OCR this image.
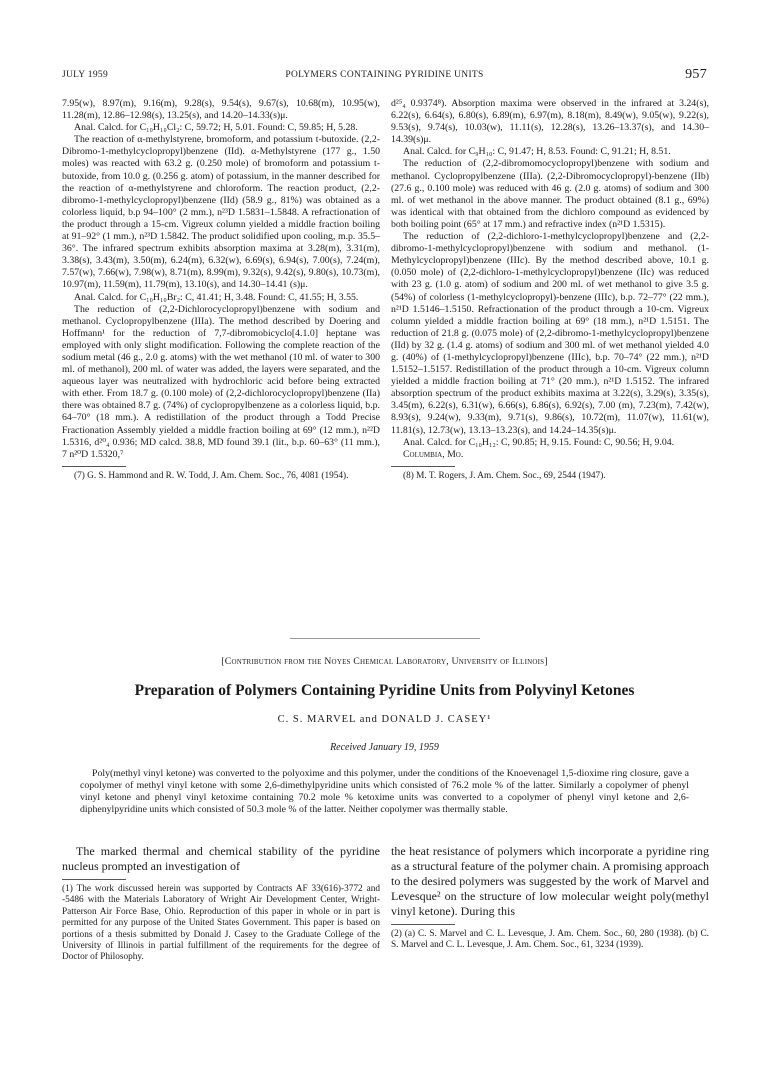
JULY 1959	POLYMERS CONTAINING PYRIDINE UNITS	957

7.95(w), 8.97(m), 9.16(m), 9.28(s), 9.54(s), 9.67(s), 10.68(m), 10.95(w), 11.28(m), 12.86–12.98(s), 13.25(s), and 14.20–14.33(s)μ.

Anal. Calcd. for C₁₀H₁₀Cl₂: C, 59.72; H, 5.01. Found: C, 59.85; H, 5.28.

The reaction of α-methylstyrene, bromoform, and potassium t-butoxide. (2,2-Dibromo-1-methylcyclopropyl)benzene (IId). α-Methylstyrene (177 g., 1.50 moles) was reacted with 63.2 g. (0.250 mole) of bromoform and potassium t-butoxide, from 10.0 g. (0.256 g. atom) of potassium, in the manner described for the reaction of α-methylstyrene and chloroform. The reaction product, (2,2-dibromo-1-methylcyclopropyl)benzene (IId) (58.9 g., 81%) was obtained as a colorless liquid, b.p 94–100° (2 mm.), n²³D 1.5831–1.5848. A refractionation of the product through a 15-cm. Vigreux column yielded a middle fraction boiling at 91–92° (1 mm.), n²³D 1.5842. The product solidified upon cooling, m.p. 35.5–36°. The infrared spectrum exhibits absorption maxima at 3.28(m), 3.31(m), 3.38(s), 3.43(m), 3.50(m), 6.24(m), 6.32(w), 6.69(s), 6.94(s), 7.00(s), 7.24(m), 7.57(w), 7.66(w), 7.98(w), 8.71(m), 8.99(m), 9.32(s), 9.42(s), 9.80(s), 10.73(m), 10.97(m), 11.59(m), 11.79(m), 13.10(s), and 14.30–14.41 (s)μ.

Anal. Calcd. for C₁₀H₁₀Br₂: C, 41.41; H, 3.48. Found: C, 41.55; H, 3.55.

The reduction of (2,2-Dichlorocyclopropyl)benzene with sodium and methanol. Cyclopropylbenzene (IIIa). The method described by Doering and Hoffmann¹ for the reduction of 7,7-dibromobicyclo[4.1.0] heptane was employed with only slight modification. Following the complete reaction of the sodium metal (46 g., 2.0 g. atoms) with the wet methanol (10 ml. of water to 300 ml. of methanol), 200 ml. of water was added, the layers were separated, and the aqueous layer was neutralized with hydrochloric acid before being extracted with ether. From 18.7 g. (0.100 mole) of (2,2-dichlorocyclopropyl)benzene (IIa) there was obtained 8.7 g. (74%) of cyclopropylbenzene as a colorless liquid, b.p. 64–70° (18 mm.). A redistillation of the product through a Todd Precise Fractionation Assembly yielded a middle fraction boiling at 69° (12 mm.), n²²D 1.5316, d²⁰₄ 0.936; MD calcd. 38.8, MD found 39.1 (lit., b.p. 60–63° (11 mm.), 7 n²⁰D 1.5320,⁷

(7) G. S. Hammond and R. W. Todd, J. Am. Chem. Soc., 76, 4081 (1954).

d²⁵₄ 0.9374⁸). Absorption maxima were observed in the infrared at 3.24(s), 6.22(s), 6.64(s), 6.80(s), 6.89(m), 6.97(m), 8.18(m), 8.49(w), 9.05(w), 9.22(s), 9.53(s), 9.74(s), 10.03(w), 11.11(s), 12.28(s), 13.26–13.37(s), and 14.30–14.39(s)μ.

Anal. Calcd. for C₉H₁₀: C, 91.47; H, 8.53. Found: C, 91.21; H, 8.51.

The reduction of (2,2-dibromomocyclopropyl)benzene with sodium and methanol. Cyclopropylbenzene (IIIa). (2,2-Dibromocyclopropyl)-benzene (IIb) (27.6 g., 0.100 mole) was reduced with 46 g. (2.0 g. atoms) of sodium and 300 ml. of wet methanol in the above manner. The product obtained (8.1 g., 69%) was identical with that obtained from the dichloro compound as evidenced by both boiling point (65° at 17 mm.) and refractive index (n²¹D 1.5315).

The reduction of (2,2-dichloro-1-methylcyclopropyl)benzene and (2,2-dibromo-1-methylcyclopropyl)benzene with sodium and methanol. (1-Methylcyclopropyl)benzene (IIIc). By the method described above, 10.1 g. (0.050 mole) of (2,2-dichloro-1-methylcyclopropyl)benzene (IIc) was reduced with 23 g. (1.0 g. atom) of sodium and 200 ml. of wet methanol to give 3.5 g. (54%) of colorless (1-methylcyclopropyl)-benzene (IIIc), b.p. 72–77° (22 mm.), n²¹D 1.5146–1.5150. Refractionation of the product through a 10-cm. Vigreux column yielded a middle fraction boiling at 69° (18 mm.), n²¹D 1.5151. The reduction of 21.8 g. (0.075 mole) of (2,2-dibromo-1-methylcyclopropyl)benzene (IId) by 32 g. (1.4 g. atoms) of sodium and 300 ml. of wet methanol yielded 4.0 g. (40%) of (1-methylcyclopropyl)benzene (IIIc), b.p. 70–74° (22 mm.), n²¹D 1.5152–1.5157. Redistillation of the product through a 10-cm. Vigreux column yielded a middle fraction boiling at 71° (20 mm.), n²¹D 1.5152. The infrared absorption spectrum of the product exhibits maxima at 3.22(s), 3.29(s), 3.35(s), 3.45(m), 6.22(s), 6.31(w), 6.66(s), 6.86(s), 6.92(s), 7.00 (m), 7.23(m), 7.42(w), 8.93(s), 9.24(w), 9.33(m), 9.71(s), 9.86(s), 10.72(m), 11.07(w), 11.61(w), 11.81(s), 12.73(w), 13.13–13.23(s), and 14.24–14.35(s)μ.

Anal. Calcd. for C₁₀H₁₂: C, 90.85; H, 9.15. Found: C, 90.56; H, 9.04.

Columbia, Mo.

(8) M. T. Rogers, J. Am. Chem. Soc., 69, 2544 (1947).

[Contribution from the Noyes Chemical Laboratory, University of Illinois]
Preparation of Polymers Containing Pyridine Units from Polyvinyl Ketones
C. S. MARVEL and DONALD J. CASEY¹
Received January 19, 1959
Poly(methyl vinyl ketone) was converted to the polyoxime and this polymer, under the conditions of the Knoevenagel 1,5-dioxime ring closure, gave a copolymer of methyl vinyl ketone with some 2,6-dimethylpyridine units which consisted of 76.2 mole % of the latter. Similarly a copolymer of phenyl vinyl ketone and phenyl vinyl ketoxime containing 70.2 mole % ketoxime units was converted to a copolymer of phenyl vinyl ketone and 2,6-diphenylpyridine units which consisted of 50.3 mole % of the latter. Neither copolymer was thermally stable.

The marked thermal and chemical stability of the pyridine nucleus prompted an investigation of

(1) The work discussed herein was supported by Contracts AF 33(616)-3772 and -5486 with the Materials Laboratory of Wright Air Development Center, Wright-Patterson Air Force Base, Ohio. Reproduction of this paper in whole or in part is permitted for any purpose of the United States Government. This paper is based on portions of a thesis submitted by Donald J. Casey to the Graduate College of the University of Illinois in partial fulfillment of the requirements for the degree of Doctor of Philosophy.

the heat resistance of polymers which incorporate a pyridine ring as a structural feature of the polymer chain. A promising approach to the desired polymers was suggested by the work of Marvel and Levesque² on the structure of low molecular weight poly(methyl vinyl ketone). During this

(2) (a) C. S. Marvel and C. L. Levesque, J. Am. Chem. Soc., 60, 280 (1938). (b) C. S. Marvel and C. L. Levesque, J. Am. Chem. Soc., 61, 3234 (1939).
